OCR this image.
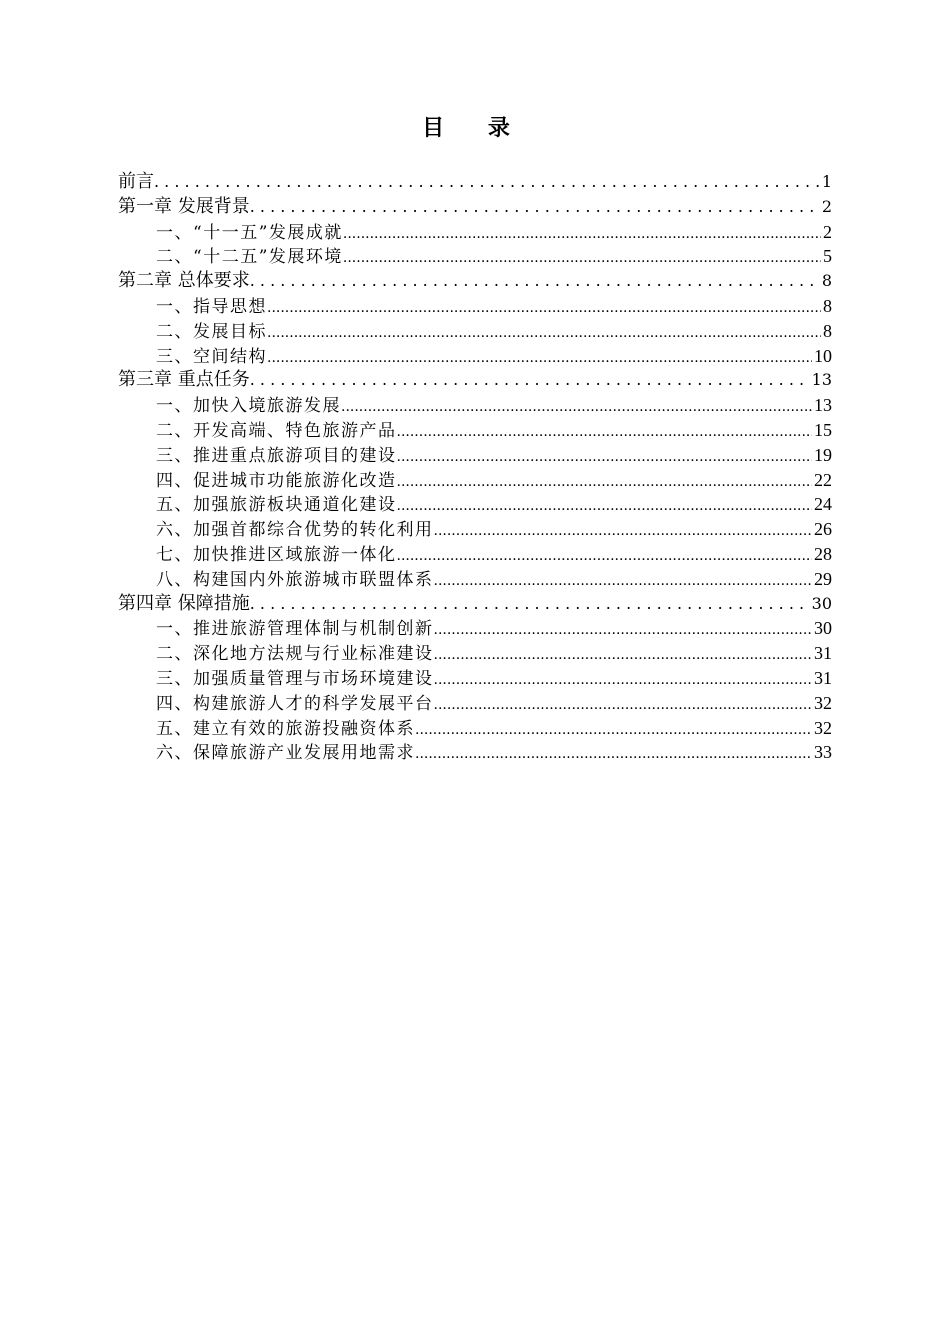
目 录
前言 . . .	1
第一章 发展背景 . . .	2
一、“十一五”发展成就 .....	2
二、“十二五”发展环境 .....	5
第二章 总体要求 . . .	8
一、指导思想 .....	8
二、发展目标 .....	8
三、空间结构 .....	10
第三章 重点任务 . . .	13
一、加快入境旅游发展 .....	13
二、开发高端、特色旅游产品 .....	15
三、推进重点旅游项目的建设 .....	19
四、促进城市功能旅游化改造 .....	22
五、加强旅游板块通道化建设 .....	24
六、加强首都综合优势的转化利用 .....	26
七、加快推进区域旅游一体化 .....	28
八、构建国内外旅游城市联盟体系 .....	29
第四章 保障措施 . . .	30
一、推进旅游管理体制与机制创新 .....	30
二、深化地方法规与行业标准建设 .....	31
三、加强质量管理与市场环境建设 .....	31
四、构建旅游人才的科学发展平台 .....	32
五、建立有效的旅游投融资体系 .....	32
六、保障旅游产业发展用地需求 .....	33
